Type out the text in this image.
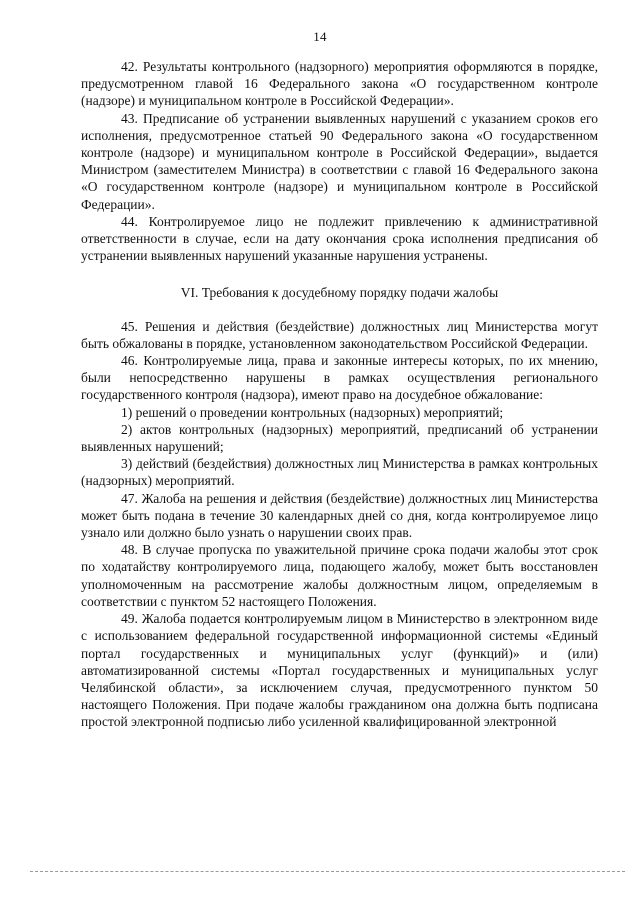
14

42. Результаты контрольного (надзорного) мероприятия оформляются в порядке, предусмотренном главой 16 Федерального закона «О государственном контроле (надзоре) и муниципальном контроле в Российской Федерации».

43. Предписание об устранении выявленных нарушений с указанием сроков его исполнения, предусмотренное статьей 90 Федерального закона «О государственном контроле (надзоре) и муниципальном контроле в Российской Федерации», выдается Министром (заместителем Министра) в соответствии с главой 16 Федерального закона «О государственном контроле (надзоре) и муниципальном контроле в Российской Федерации».

44. Контролируемое лицо не подлежит привлечению к административной ответственности в случае, если на дату окончания срока исполнения предписания об устранении выявленных нарушений указанные нарушения устранены.

VI. Требования к досудебному порядку подачи жалобы

45. Решения и действия (бездействие) должностных лиц Министерства могут быть обжалованы в порядке, установленном законодательством Российской Федерации.

46. Контролируемые лица, права и законные интересы которых, по их мнению, были непосредственно нарушены в рамках осуществления регионального государственного контроля (надзора), имеют право на досудебное обжалование:

1) решений о проведении контрольных (надзорных) мероприятий;

2) актов контрольных (надзорных) мероприятий, предписаний об устранении выявленных нарушений;

3) действий (бездействия) должностных лиц Министерства в рамках контрольных (надзорных) мероприятий.

47. Жалоба на решения и действия (бездействие) должностных лиц Министерства может быть подана в течение 30 календарных дней со дня, когда контролируемое лицо узнало или должно было узнать о нарушении своих прав.

48. В случае пропуска по уважительной причине срока подачи жалобы этот срок по ходатайству контролируемого лица, подающего жалобу, может быть восстановлен уполномоченным на рассмотрение жалобы должностным лицом, определяемым в соответствии с пунктом 52 настоящего Положения.

49. Жалоба подается контролируемым лицом в Министерство в электронном виде с использованием федеральной государственной информационной системы «Единый портал государственных и муниципальных услуг (функций)» и (или) автоматизированной системы «Портал государственных и муниципальных услуг Челябинской области», за исключением случая, предусмотренного пунктом 50 настоящего Положения. При подаче жалобы гражданином она должна быть подписана простой электронной подписью либо усиленной квалифицированной электронной
